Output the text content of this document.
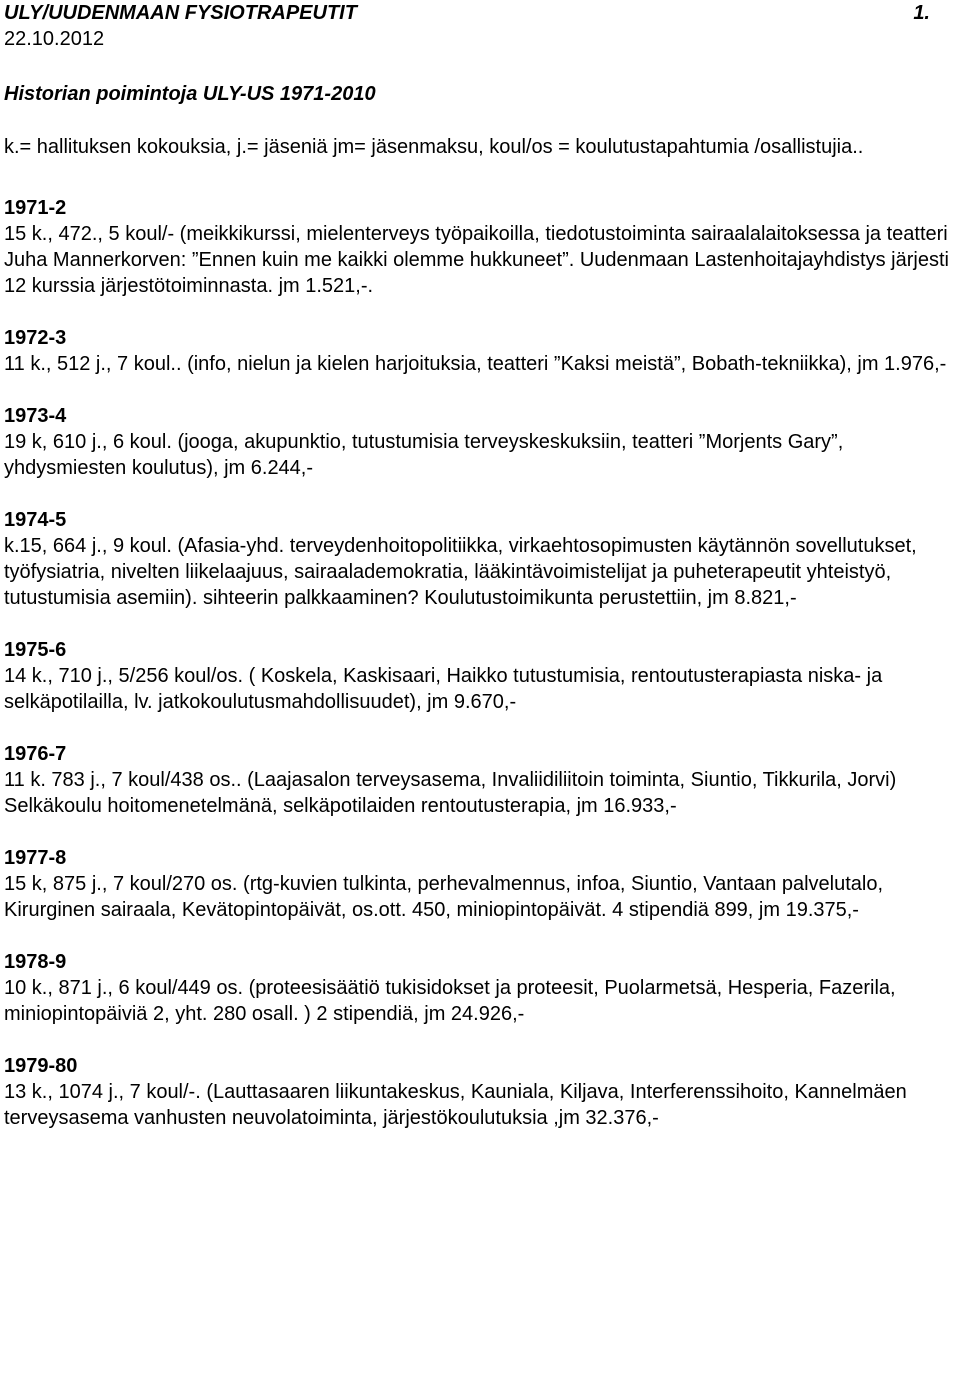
ULY/UUDENMAAN FYSIOTRAPEUTIT	1.
22.10.2012
Historian poimintoja ULY-US 1971-2010
k.= hallituksen kokouksia, j.= jäseniä jm= jäsenmaksu, koul/os = koulutustapahtumia /osallistujia..
1971-2
15 k., 472., 5 koul/- (meikkikurssi, mielenterveys työpaikoilla, tiedotustoiminta sairaalalaitoksessa ja teatteri Juha Mannerkorven: ”Ennen kuin me kaikki olemme hukkuneet”. Uudenmaan Lastenhoitajayhdistys järjesti 12 kurssia järjestötoiminnasta. jm 1.521,-.
1972-3
11 k., 512 j., 7 koul.. (info, nielun ja kielen harjoituksia, teatteri ”Kaksi meistä”, Bobath-tekniikka), jm 1.976,-
1973-4
19 k, 610 j., 6 koul. (jooga, akupunktio, tutustumisia terveyskeskuksiin, teatteri ”Morjents Gary”, yhdysmiesten koulutus), jm 6.244,-
1974-5
k.15, 664 j., 9 koul. (Afasia-yhd. terveydenhoitopolitiikka, virkaehtosopimusten käytännön sovellutukset, työfysiatria, nivelten liikelaajuus, sairaalademokratia, lääkintävoimistelijat ja puheterapeutit yhteistyö, tutustumisia asemiin). sihteerin palkkaaminen? Koulutustoimikunta perustettiin, jm 8.821,-
1975-6
14 k., 710 j., 5/256 koul/os. ( Koskela, Kaskisaari, Haikko tutustumisia, rentoutusterapiasta niska- ja selkäpotilailla, lv. jatkokoulutusmahdollisuudet), jm 9.670,-
1976-7
11 k. 783 j., 7 koul/438 os.. (Laajasalon terveysasema, Invaliidiliitoin toiminta, Siuntio, Tikkurila, Jorvi) Selkäkoulu hoitomenetelmänä, selkäpotilaiden rentoutusterapia, jm 16.933,-
1977-8
15 k, 875 j., 7 koul/270 os. (rtg-kuvien tulkinta, perhevalmennus, infoa, Siuntio, Vantaan palvelutalo, Kirurginen sairaala, Kevätopintopäivät, os.ott. 450, miniopintopäivät. 4 stipendiä 899, jm 19.375,-
1978-9
10 k., 871 j., 6 koul/449 os. (proteesisäätiö tukisidokset ja proteesit, Puolarmetsä, Hesperia, Fazerila, miniopintopäiviä 2, yht. 280 osall. ) 2 stipendiä, jm 24.926,-
1979-80
13 k., 1074 j., 7 koul/-. (Lauttasaaren liikuntakeskus, Kauniala, Kiljava, Interferenssihoito, Kannelmäen terveysasema vanhusten neuvolatoiminta, järjestökoulutuksia ,jm 32.376,-
